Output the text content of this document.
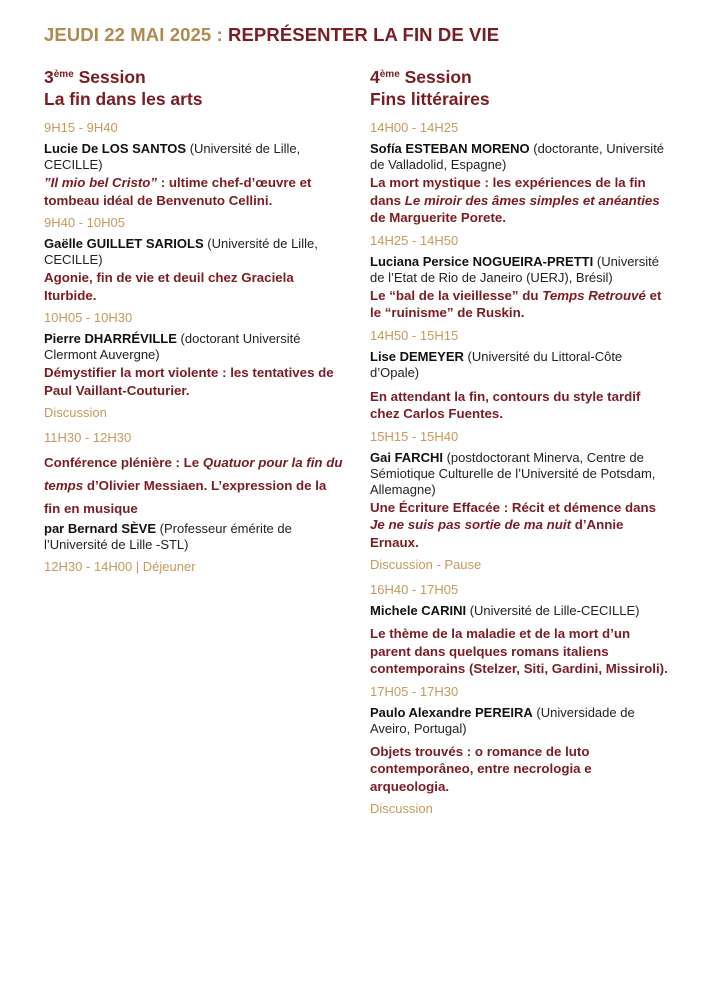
JEUDI 22 MAI 2025 : REPRÉSENTER LA FIN DE VIE
3ème Session
La fin dans les arts
9H15 - 9H40
Lucie De LOS SANTOS (Université de Lille, CECILLE)
”Il mio bel Cristo” : ultime chef-d’œuvre et tombeau idéal de Benvenuto Cellini.
9H40 - 10H05
Gaëlle GUILLET SARIOLS (Université de Lille, CECILLE)
Agonie, fin de vie et deuil chez Graciela Iturbide.
10H05 - 10H30
Pierre DHARRÉVILLE (doctorant Université Clermont Auvergne)
Démystifier la mort violente : les tentatives de Paul Vaillant-Couturier.
Discussion
11H30 - 12H30
Conférence plénière : Le Quatuor pour la fin du temps d’Olivier Messiaen. L’expression de la fin en musique
par Bernard SÈVE (Professeur émérite de l’Université de Lille -STL)
12H30 - 14H00 | Déjeuner
4ème Session
Fins littéraires
14H00 - 14H25
Sofía ESTEBAN MORENO (doctorante, Université de Valladolid, Espagne)
La mort mystique : les expériences de la fin dans Le miroir des âmes simples et anéanties de Marguerite Porete.
14H25 - 14H50
Luciana Persice NOGUEIRA-PRETTI (Université de l’Etat de Rio de Janeiro (UERJ), Brésil)
Le “bal de la vieillesse” du Temps Retrouvé et le “ruinisme” de Ruskin.
14H50 - 15H15
Lise DEMEYER (Université du Littoral-Côte d’Opale)
En attendant la fin, contours du style tardif chez Carlos Fuentes.
15H15 - 15H40
Gai FARCHI (postdoctorant Minerva, Centre de Sémiotique Culturelle de l’Université de Potsdam, Allemagne)
Une Écriture Effacée : Récit et démence dans Je ne suis pas sortie de ma nuit d’Annie Ernaux.
Discussion - Pause
16H40 - 17H05
Michele CARINI (Université de Lille-CECILLE)
Le thème de la maladie et de la mort d’un parent dans quelques romans italiens contemporains (Stelzer, Siti, Gardini, Missiroli).
17H05 - 17H30
Paulo Alexandre PEREIRA (Universidade de Aveiro, Portugal)
Objets trouvés : o romance de luto contemporâneo, entre necrologia e arqueologia.
Discussion
